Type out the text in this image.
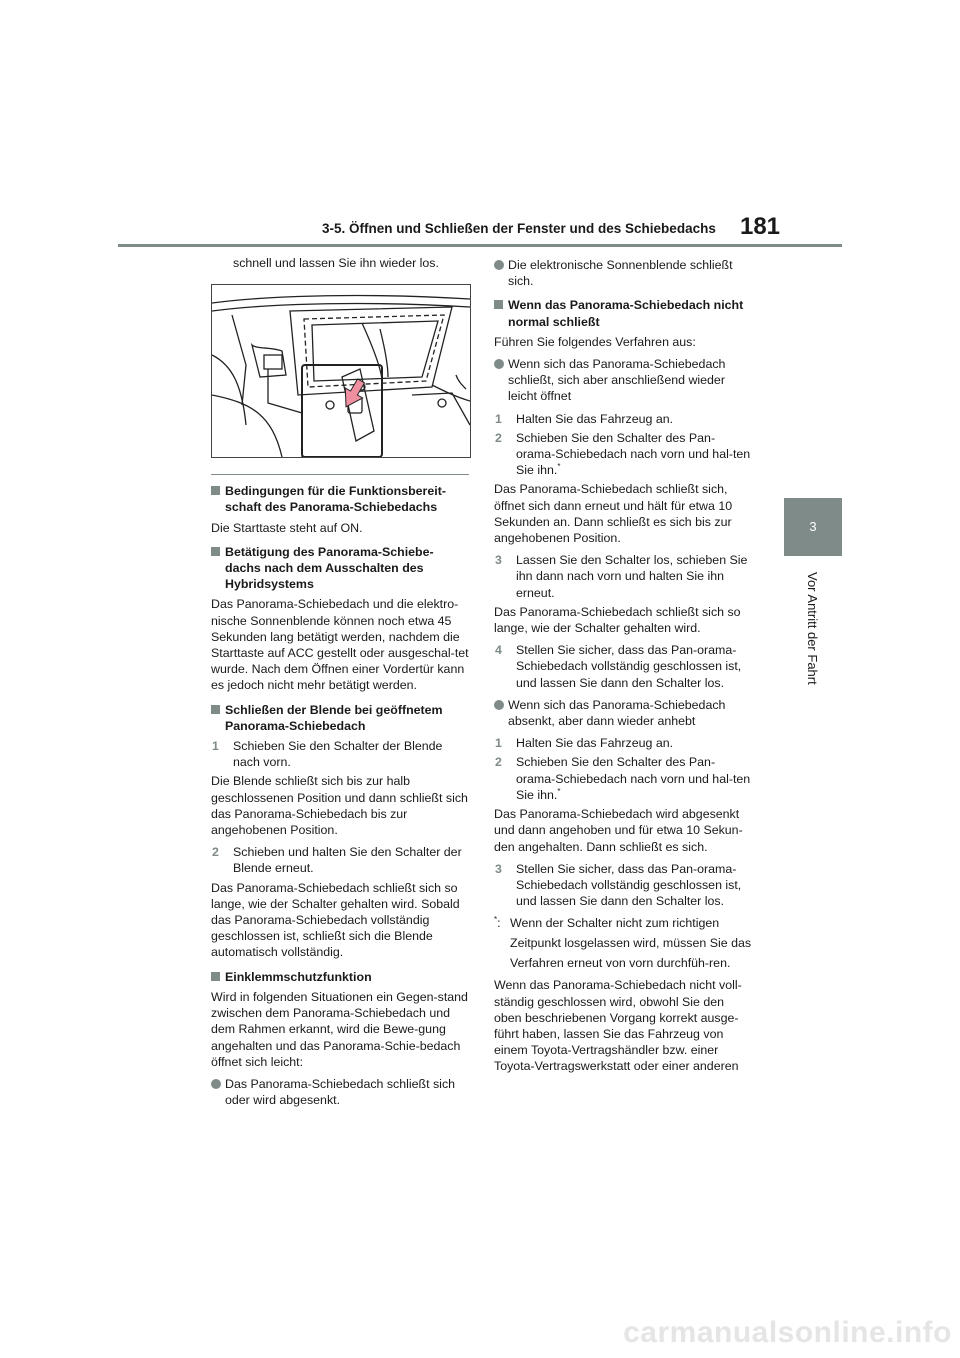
3-5. Öffnen und Schließen der Fenster und des Schiebedachs	181
3
Vor Antritt der Fahrt

schnell und lassen Sie ihn wieder los.

Bedingungen für die Funktionsbereit-schaft des Panorama-Schiebedachs

Die Starttaste steht auf ON.

Betätigung des Panorama-Schiebe-dachs nach dem Ausschalten des Hybridsystems

Das Panorama-Schiebedach und die elektro-nische Sonnenblende können noch etwa 45 Sekunden lang betätigt werden, nachdem die Starttaste auf ACC gestellt oder ausgeschal-tet wurde. Nach dem Öffnen einer Vordertür kann es jedoch nicht mehr betätigt werden.

Schließen der Blende bei geöffnetem Panorama-Schiebedach
1 Schieben Sie den Schalter der Blende nach vorn.

Die Blende schließt sich bis zur halb geschlossenen Position und dann schließt sich das Panorama-Schiebedach bis zur angehobenen Position.

2 Schieben und halten Sie den Schalter der Blende erneut.

Das Panorama-Schiebedach schließt sich so lange, wie der Schalter gehalten wird. Sobald das Panorama-Schiebedach vollständig geschlossen ist, schließt sich die Blende automatisch vollständig.

Einklemmschutzfunktion

Wird in folgenden Situationen ein Gegen-stand zwischen dem Panorama-Schiebedach und dem Rahmen erkannt, wird die Bewe-gung angehalten und das Panorama-Schie-bedach öffnet sich leicht:

Das Panorama-Schiebedach schließt sich oder wird abgesenkt.
Die elektronische Sonnenblende schließt sich.
Wenn das Panorama-Schiebedach nicht normal schließt

Führen Sie folgendes Verfahren aus:

Wenn sich das Panorama-Schiebedach schließt, sich aber anschließend wieder leicht öffnet
1 Halten Sie das Fahrzeug an.
2 Schieben Sie den Schalter des Pan-orama-Schiebedach nach vorn und hal-ten Sie ihn.*

Das Panorama-Schiebedach schließt sich, öffnet sich dann erneut und hält für etwa 10 Sekunden an. Dann schließt es sich bis zur angehobenen Position.

3 Lassen Sie den Schalter los, schieben Sie ihn dann nach vorn und halten Sie ihn erneut.

Das Panorama-Schiebedach schließt sich so lange, wie der Schalter gehalten wird.

4 Stellen Sie sicher, dass das Pan-orama-Schiebedach vollständig geschlossen ist, und lassen Sie dann den Schalter los.
Wenn sich das Panorama-Schiebedach absenkt, aber dann wieder anhebt
1 Halten Sie das Fahrzeug an.
2 Schieben Sie den Schalter des Pan-orama-Schiebedach nach vorn und hal-ten Sie ihn.*

Das Panorama-Schiebedach wird abgesenkt und dann angehoben und für etwa 10 Sekun-den angehalten. Dann schließt es sich.

3 Stellen Sie sicher, dass das Pan-orama-Schiebedach vollständig geschlossen ist, und lassen Sie dann den Schalter los.
*: Wenn der Schalter nicht zum richtigen Zeitpunkt losgelassen wird, müssen Sie das Verfahren erneut von vorn durchfüh-ren.

Wenn das Panorama-Schiebedach nicht voll-ständig geschlossen wird, obwohl Sie den oben beschriebenen Vorgang korrekt ausge-führt haben, lassen Sie das Fahrzeug von einem Toyota-Vertragshändler bzw. einer Toyota-Vertragswerkstatt oder einer anderen

carmanualsonline.info
